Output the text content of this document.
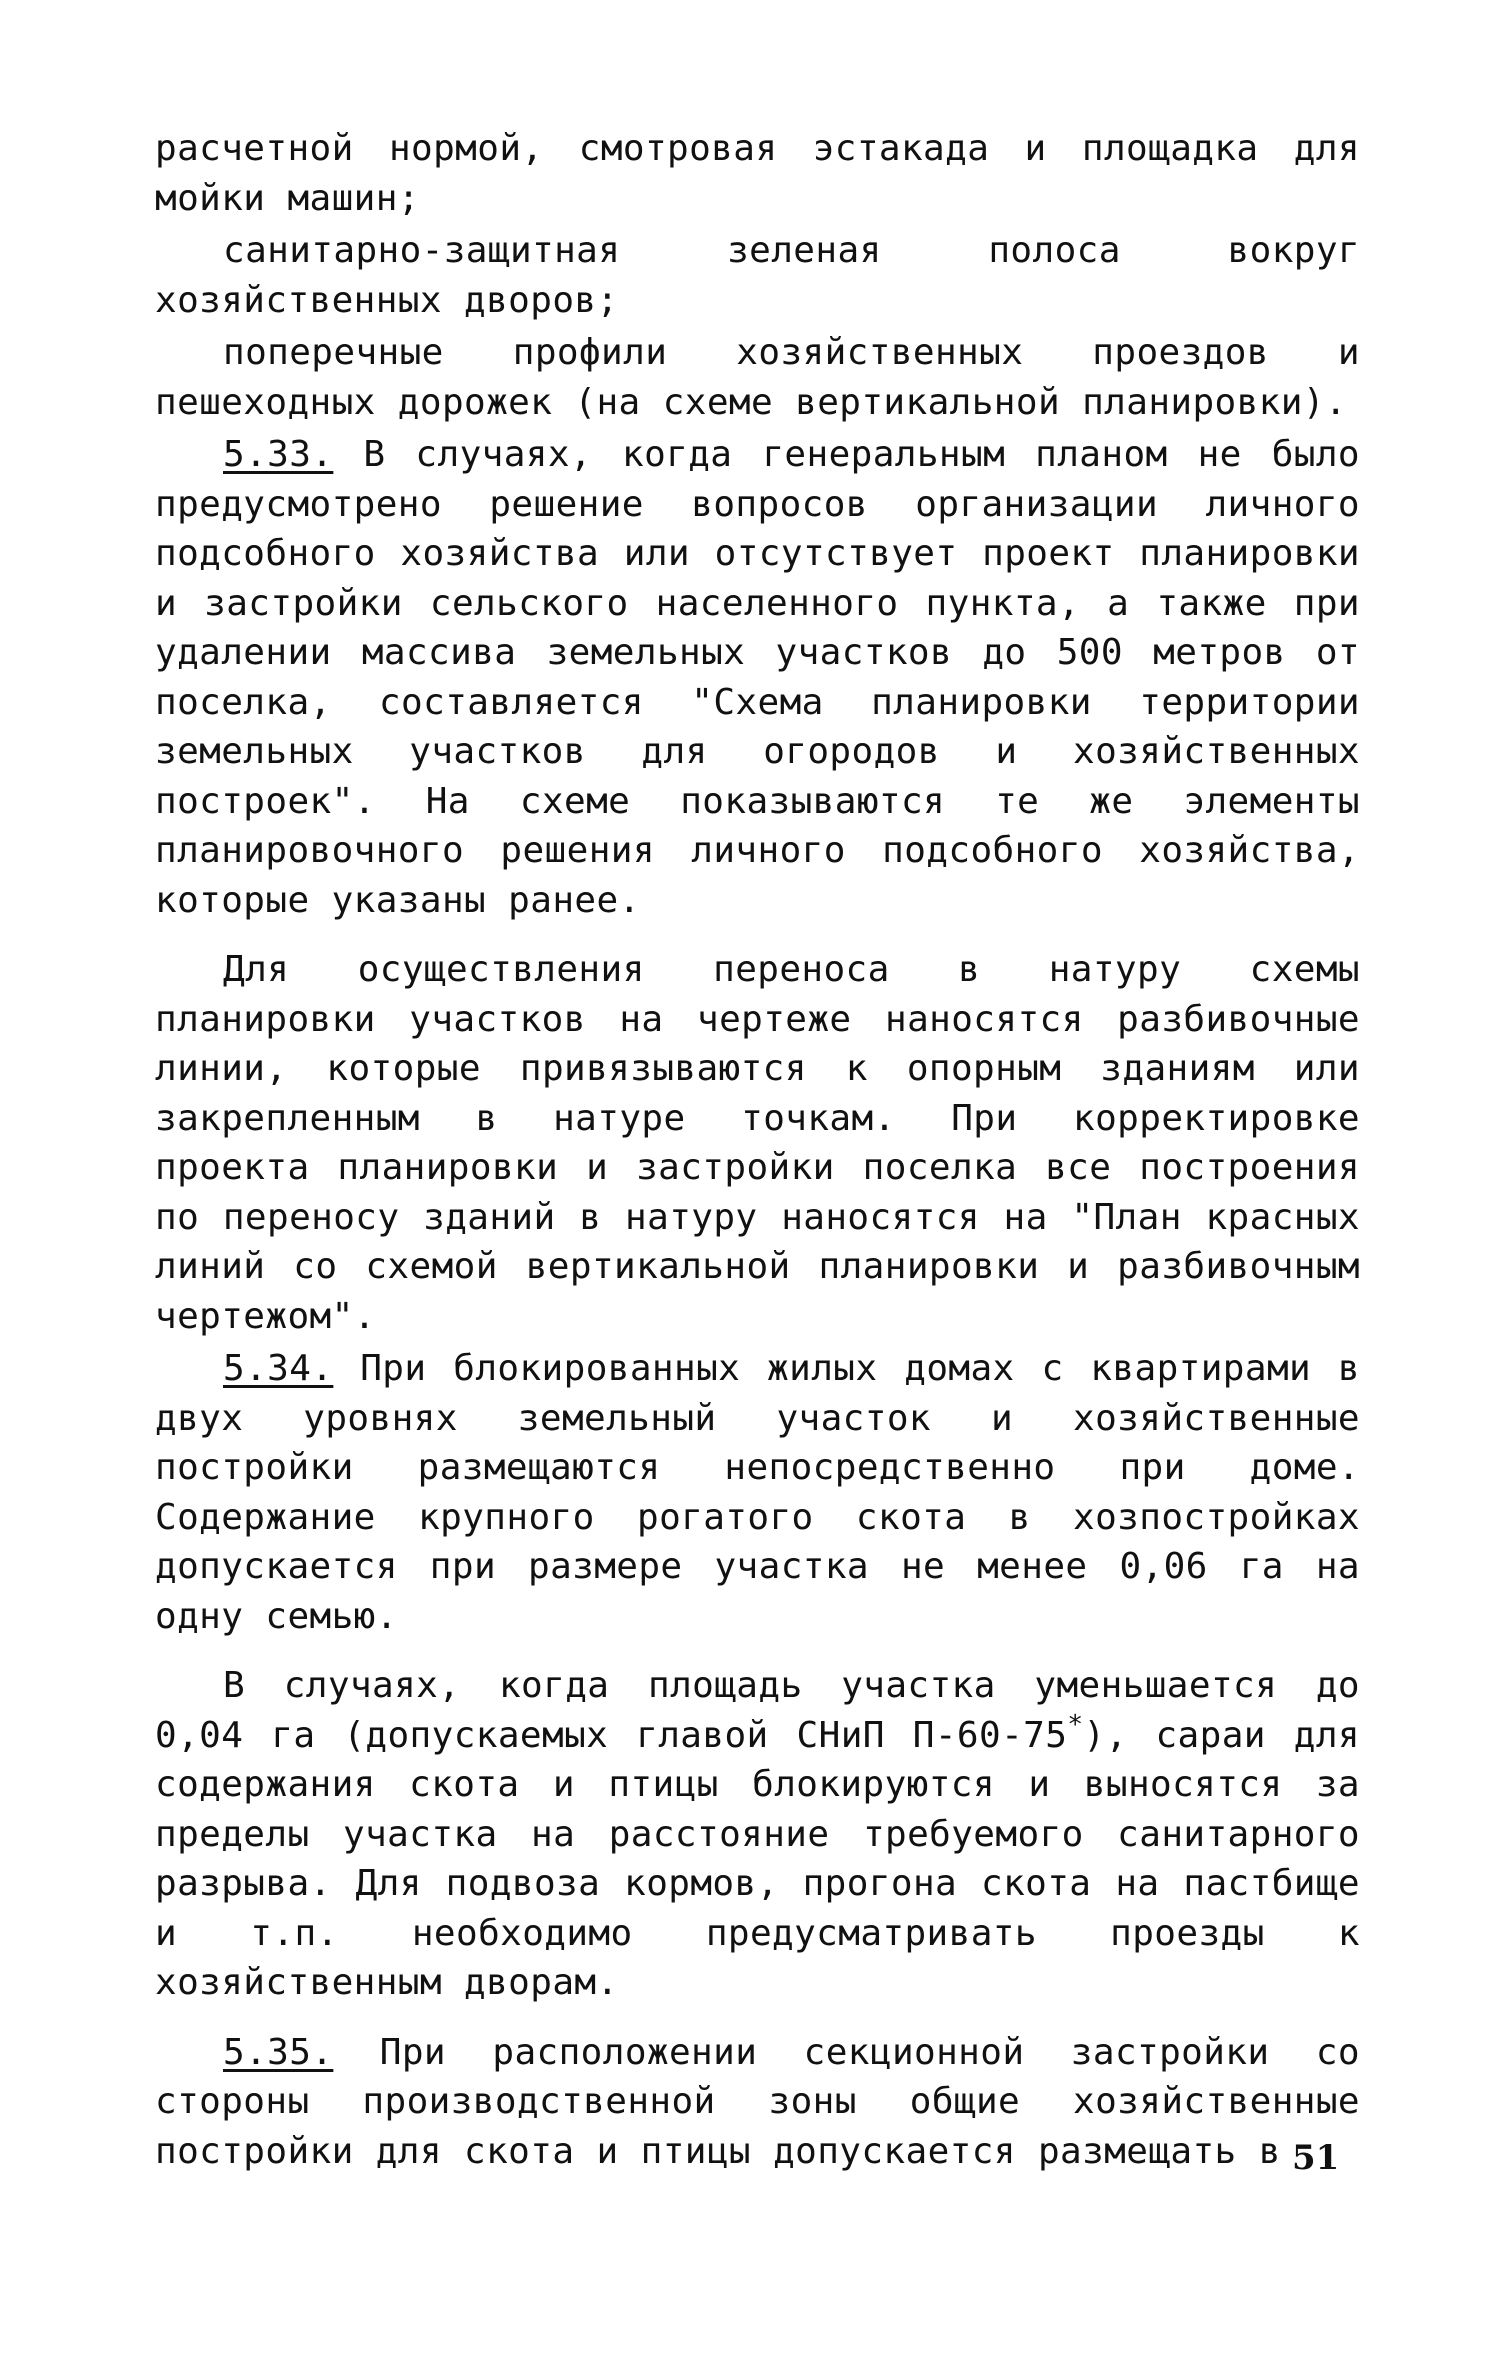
расчетной нормой, смотровая эстакада и площадка для мойки машин;

санитарно-защитная зеленая полоса вокруг хозяйственных дворов;

поперечные профили хозяйственных проездов и пешеходных дорожек (на схеме вертикальной планировки).

5.33. В случаях, когда генеральным планом не было предусмотрено решение вопросов организации личного подсобного хозяйства или отсутствует проект планировки и застройки сельского населенного пункта, а также при удалении массива земельных участков до 500 метров от поселка, составляется "Схема планировки территории земельных участков для огородов и хозяйственных построек". На схеме показываются те же элементы планировочного решения личного подсобного хозяйства, которые указаны ранее.

Для осуществления переноса в натуру схемы планировки участков на чертеже наносятся разбивочные линии, которые привязываются к опорным зданиям или закрепленным в натуре точкам. При корректировке проекта планировки и застройки поселка все построения по переносу зданий в натуру наносятся на "План красных линий со схемой вертикальной планировки и разбивочным чертежом".

5.34. При блокированных жилых домах с квартирами в двух уровнях земельный участок и хозяйственные постройки размещаются непосредственно при доме. Содержание крупного рогатого скота в хозпостройках допускается при размере участка не менее 0,06 га на одну семью.

В случаях, когда площадь участка уменьшается до 0,04 га (допускаемых главой СНиП П-60-75*), сараи для содержания скота и птицы блокируются и выносятся за пределы участка на расстояние требуемого санитарного разрыва. Для подвоза кормов, прогона скота на пастбище и т.п. необходимо предусматривать проезды к хозяйственным дворам.

5.35. При расположении секционной застройки со стороны производственной зоны общие хозяйственные постройки для скота и птицы допускается размещать в 51
